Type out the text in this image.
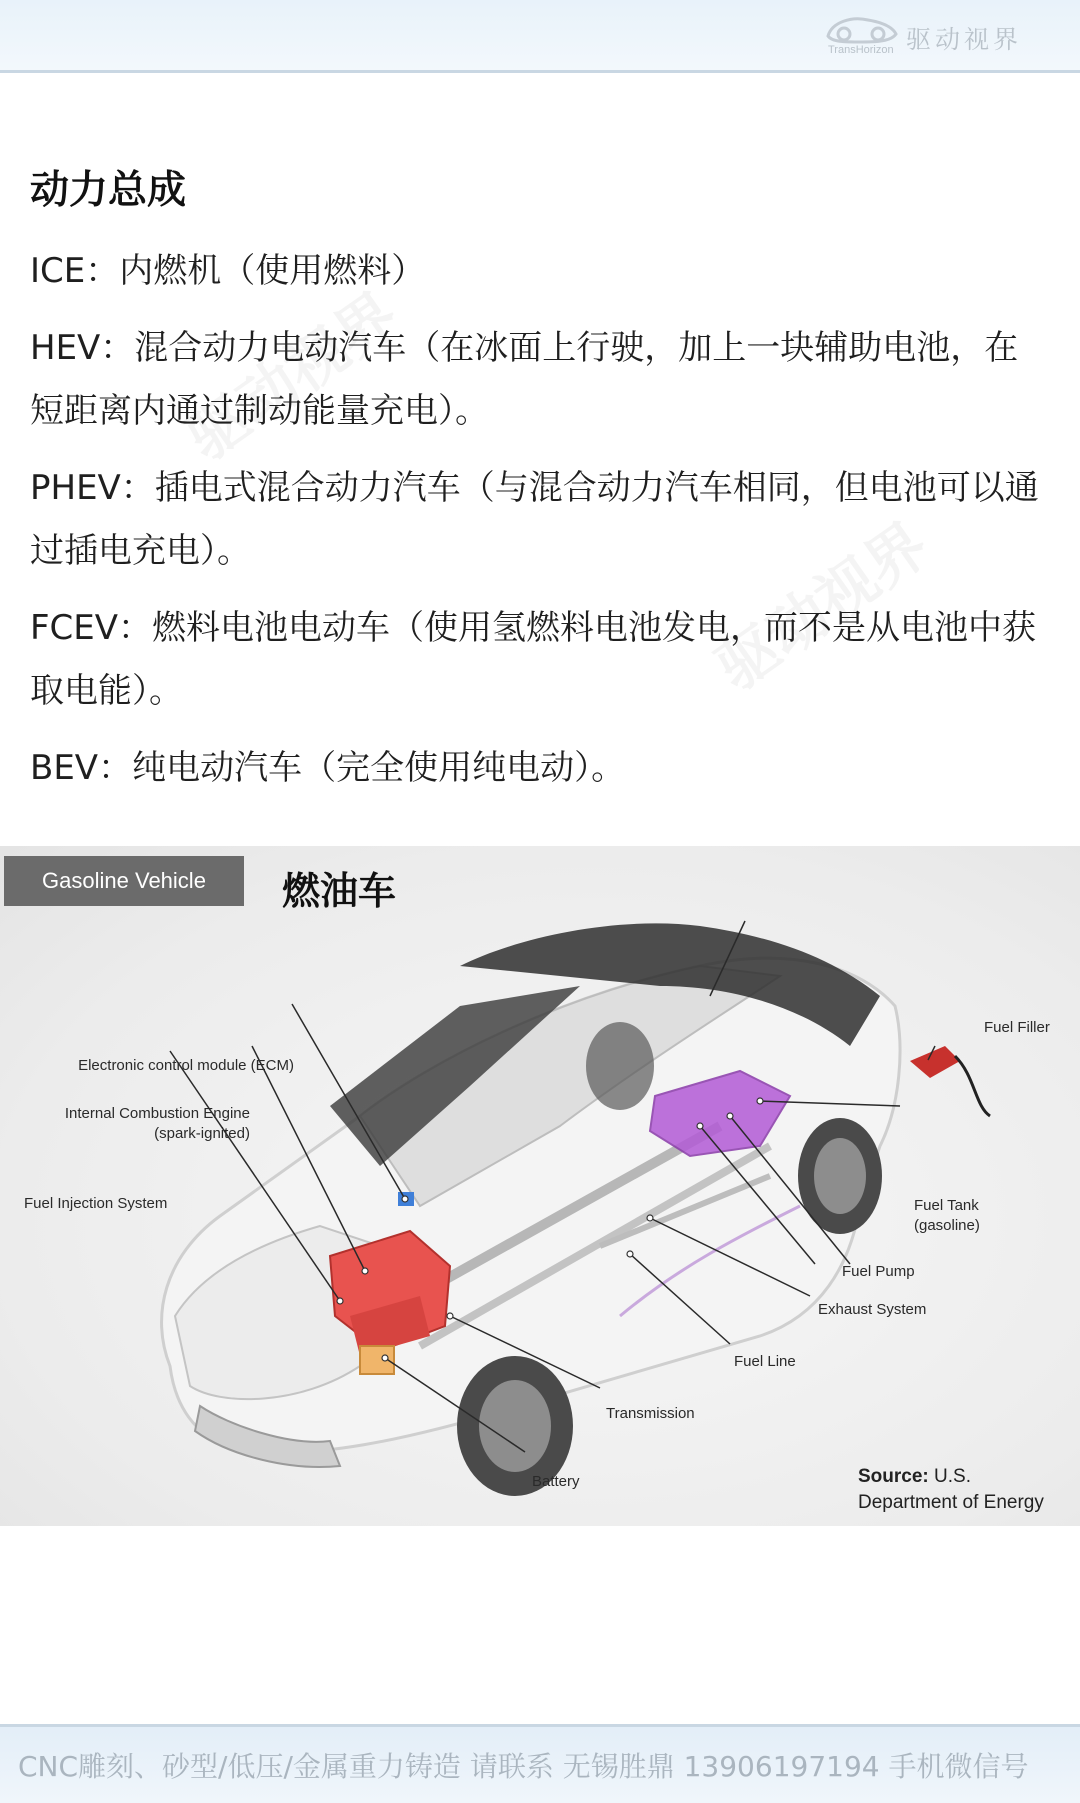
驱动视界
TransHorizon
动力总成

ICE：内燃机（使用燃料）

HEV：混合动力电动汽车（在冰面上行驶，加上一块辅助电池，在短距离内通过制动能量充电）。

PHEV：插电式混合动力汽车（与混合动力汽车相同，但电池可以通过插电充电）。

FCEV：燃料电池电动车（使用氢燃料电池发电，而不是从电池中获取电能）。

BEV：纯电动汽车（完全使用纯电动）。

Gasoline Vehicle	燃油车
Electronic control module (ECM)
Internal Combustion Engine
(spark-ignited)
Fuel Injection System
Fuel Filler
Fuel Tank
(gasoline)
Fuel Pump
Exhaust System
Fuel Line
Transmission
Battery	Source: U.S.
Department of Energy
CNC雕刻、砂型/低压/金属重力铸造 请联系 无锡胜鼎 13906197194 手机微信号
